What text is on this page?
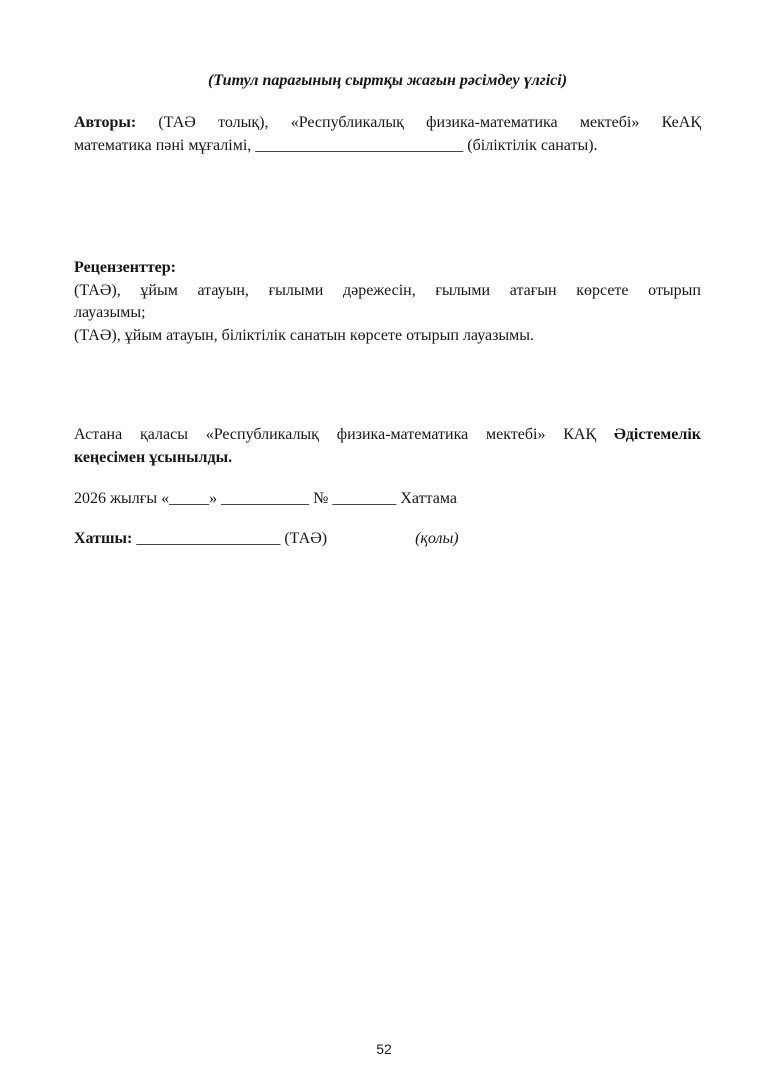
(Титул парағының сыртқы жағын рәсімдеу үлгісі)
Авторы: (ТАӘ толық), «Республикалық физика-математика мектебі» КеАҚ
математика пәні мұғалімі, __________________________ (біліктілік санаты).
Рецензенттер:
(ТАӘ), ұйым атауын, ғылыми дәрежесін, ғылыми атағын көрсете отырып
лауазымы;
(ТАӘ), ұйым атауын, біліктілік санатын көрсете отырып лауазымы.
Астана қаласы «Республикалық физика-математика мектебі» КАҚ Әдістемелік
кеңесімен ұсынылды.
2026 жылғы «_____» ___________ № ________ Хаттама
Хатшы: __________________ (ТАӘ)	(қолы)
52
